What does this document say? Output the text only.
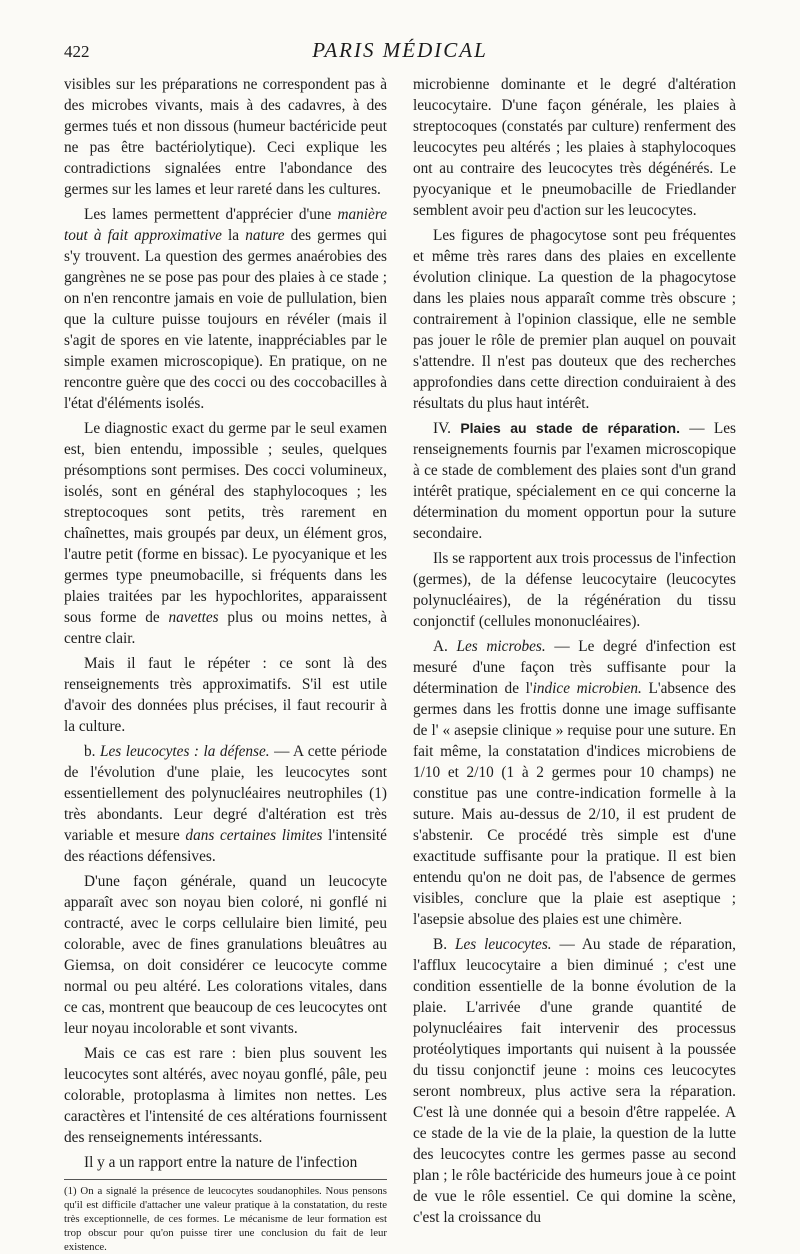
422	PARIS MÉDICAL

visibles sur les préparations ne correspondent pas à des microbes vivants, mais à des cadavres, à des germes tués et non dissous (humeur bactéricide peut ne pas être bactériolytique). Ceci explique les contradictions signalées entre l'abondance des germes sur les lames et leur rareté dans les cultures.

Les lames permettent d'apprécier d'une manière tout à fait approximative la nature des germes qui s'y trouvent. La question des germes anaérobies des gangrènes ne se pose pas pour des plaies à ce stade ; on n'en rencontre jamais en voie de pullulation, bien que la culture puisse toujours en révéler (mais il s'agit de spores en vie latente, inappréciables par le simple examen microscopique). En pratique, on ne rencontre guère que des cocci ou des coccobacilles à l'état d'éléments isolés.

Le diagnostic exact du germe par le seul examen est, bien entendu, impossible ; seules, quelques présomptions sont permises. Des cocci volumineux, isolés, sont en général des staphylocoques ; les streptocoques sont petits, très rarement en chaînettes, mais groupés par deux, un élément gros, l'autre petit (forme en bissac). Le pyocyanique et les germes type pneumobacille, si fréquents dans les plaies traitées par les hypochlorites, apparaissent sous forme de navettes plus ou moins nettes, à centre clair.

Mais il faut le répéter : ce sont là des renseignements très approximatifs. S'il est utile d'avoir des données plus précises, il faut recourir à la culture.

b. Les leucocytes : la défense. — A cette période de l'évolution d'une plaie, les leucocytes sont essentiellement des polynucléaires neutrophiles (1) très abondants. Leur degré d'altération est très variable et mesure dans certaines limites l'intensité des réactions défensives.

D'une façon générale, quand un leucocyte apparaît avec son noyau bien coloré, ni gonflé ni contracté, avec le corps cellulaire bien limité, peu colorable, avec de fines granulations bleuâtres au Giemsa, on doit considérer ce leucocyte comme normal ou peu altéré. Les colorations vitales, dans ce cas, montrent que beaucoup de ces leucocytes ont leur noyau incolorable et sont vivants.

Mais ce cas est rare : bien plus souvent les leucocytes sont altérés, avec noyau gonflé, pâle, peu colorable, protoplasma à limites non nettes. Les caractères et l'intensité de ces altérations fournissent des renseignements intéressants.

Il y a un rapport entre la nature de l'infection

(1) On a signalé la présence de leucocytes soudanophiles. Nous pensons qu'il est difficile d'attacher une valeur pratique à la constatation, du reste très exceptionnelle, de ces formes. Le mécanisme de leur formation est trop obscur pour qu'on puisse tirer une conclusion du fait de leur existence.

microbienne dominante et le degré d'altération leucocytaire. D'une façon générale, les plaies à streptocoques (constatés par culture) renferment des leucocytes peu altérés ; les plaies à staphylocoques ont au contraire des leucocytes très dégénérés. Le pyocyanique et le pneumobacille de Friedlander semblent avoir peu d'action sur les leucocytes.

Les figures de phagocytose sont peu fréquentes et même très rares dans des plaies en excellente évolution clinique. La question de la phagocytose dans les plaies nous apparaît comme très obscure ; contrairement à l'opinion classique, elle ne semble pas jouer le rôle de premier plan auquel on pouvait s'attendre. Il n'est pas douteux que des recherches approfondies dans cette direction conduiraient à des résultats du plus haut intérêt.

IV. Plaies au stade de réparation. — Les renseignements fournis par l'examen microscopique à ce stade de comblement des plaies sont d'un grand intérêt pratique, spécialement en ce qui concerne la détermination du moment opportun pour la suture secondaire.

Ils se rapportent aux trois processus de l'infection (germes), de la défense leucocytaire (leucocytes polynucléaires), de la régénération du tissu conjonctif (cellules mononucléaires).

A. Les microbes. — Le degré d'infection est mesuré d'une façon très suffisante pour la détermination de l'indice microbien. L'absence des germes dans les frottis donne une image suffisante de l' « asepsie clinique » requise pour une suture. En fait même, la constatation d'indices microbiens de 1/10 et 2/10 (1 à 2 germes pour 10 champs) ne constitue pas une contre-indication formelle à la suture. Mais au-dessus de 2/10, il est prudent de s'abstenir. Ce procédé très simple est d'une exactitude suffisante pour la pratique. Il est bien entendu qu'on ne doit pas, de l'absence de germes visibles, conclure que la plaie est aseptique ; l'asepsie absolue des plaies est une chimère.

B. Les leucocytes. — Au stade de réparation, l'afflux leucocytaire a bien diminué ; c'est une condition essentielle de la bonne évolution de la plaie. L'arrivée d'une grande quantité de polynucléaires fait intervenir des processus protéolytiques importants qui nuisent à la poussée du tissu conjonctif jeune : moins ces leucocytes seront nombreux, plus active sera la réparation. C'est là une donnée qui a besoin d'être rappelée. A ce stade de la vie de la plaie, la question de la lutte des leucocytes contre les germes passe au second plan ; le rôle bactéricide des humeurs joue à ce point de vue le rôle essentiel. Ce qui domine la scène, c'est la croissance du
